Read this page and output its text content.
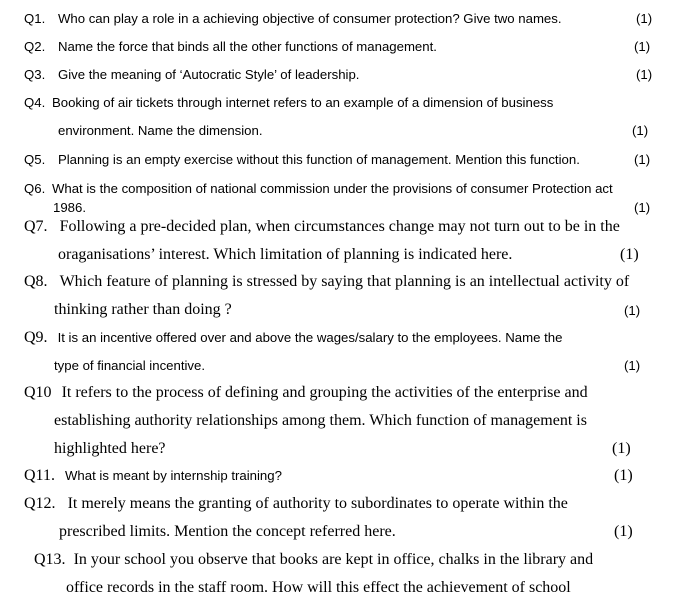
Q1. Who can play a role in a achieving objective of consumer protection? Give two names.	(1)
Q2. Name the force that binds all the other functions of management.	(1)
Q3. Give the meaning of ‘Autocratic Style’ of leadership.	(1)
Q4. Booking of air tickets through internet refers to an example of a dimension of business
environment. Name the dimension.	(1)
Q5. Planning is an empty exercise without this function of management. Mention this function.	(1)
Q6. What is the composition of national commission under the provisions of consumer Protection act
1986.	(1)
Q7. Following a pre-decided plan, when circumstances change may not turn out to be in the
oraganisations’ interest. Which limitation of planning is indicated here.	(1)
Q8. Which feature of planning is stressed by saying that planning is an intellectual activity of
thinking rather than doing ?	(1)
Q9. It is an incentive offered over and above the wages/salary to the employees. Name the
type of financial incentive.	(1)
Q10 It refers to the process of defining and grouping the activities of the enterprise and
establishing authority relationships among them. Which function of management is
highlighted here?	(1)
Q11. What is meant by internship training?	(1)
Q12. It merely means the granting of authority to subordinates to operate within the
prescribed limits. Mention the concept referred here.	(1)
Q13. In your school you observe that books are kept in office, chalks in the library and
office records in the staff room. How will this effect the achievement of school
